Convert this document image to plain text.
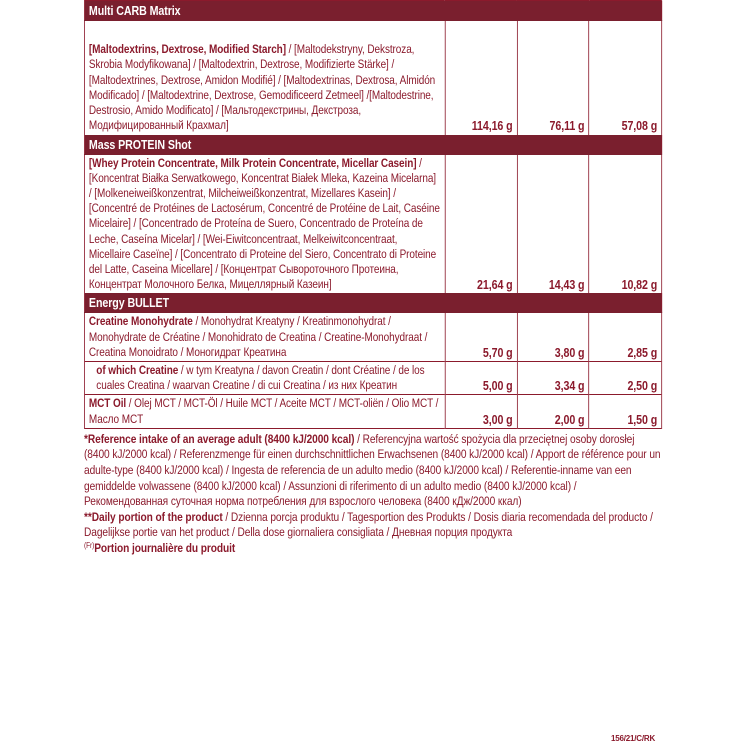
Multi CARB Matrix			
[Maltodextrins, Dextrose, Modified Starch] / [Maltodekstryny, Dekstroza, Skrobia Modyfikowana] / [Maltodextrin, Dextrose, Modifizierte Stärke] / [Maltodextrines, Dextrose, Amidon Modifié] / [Maltodextrinas, Dextrosa, Almidón Modificado] / [Maltodextrine, Dextrose, Gemodificeerd Zetmeel] /[Maltodestrine, Destrosio, Amido Modificato] / [Мальтодекстрины, Декстроза, Модифицированный Крахмал]	114,16 g	76,11 g	57,08 g
Mass PROTEIN Shot			
[Whey Protein Concentrate, Milk Protein Concentrate, Micellar Casein] / [Koncentrat Białka Serwatkowego, Koncentrat Białek Mleka, Kazeina Micelarna] / [Molkeneiweißkonzentrat, Milcheiweißkonzentrat, Mizellares Kasein] / [Concentré de Protéines de Lactosérum, Concentré de Protéine de Lait, Caséine Micelaire] / [Concentrado de Proteína de Suero, Concentrado de Proteína de Leche, Caseína Micelar] / [Wei-Eiwitconcentraat, Melkeiwitconcentraat, Micellaire Caseïne] / [Concentrato di Proteine del Siero, Concentrato di Proteine del Latte, Caseina Micellare] / [Концентрат Сывороточного Протеина, Концентрат Молочного Белка, Мицеллярный Казеин]	21,64 g	14,43 g	10,82 g
Energy BULLET			
Creatine Monohydrate / Monohydrat Kreatyny / Kreatinmonohydrat / Monohydrate de Créatine / Monohidrato de Creatina / Creatine-Monohydraat / Creatina Monoidrato / Моногидрат Креатина	5,70 g	3,80 g	2,85 g
of which Creatine / w tym Kreatyna / davon Creatin / dont Créatine / de los cuales Creatina / waarvan Creatine / di cui Creatina / из них Креатин	5,00 g	3,34 g	2,50 g
MCT Oil / Olej MCT / MCT-Öl / Huile MCT / Aceite MCT / MCT-oliën / Olio MCT / Масло MCT	3,00 g	2,00 g	1,50 g

*Reference intake of an average adult (8400 kJ/2000 kcal) / Referencyjna wartość spożycia dla przeciętnej osoby dorosłej (8400 kJ/2000 kcal) / Referenzmenge für einen durchschnittlichen Erwachsenen (8400 kJ/2000 kcal) / Apport de référence pour un adulte-type (8400 kJ/2000 kcal) / Ingesta de referencia de un adulto medio (8400 kJ/2000 kcal) / Referentie-inname van een gemiddelde volwassene (8400 kJ/2000 kcal) / Assunzioni di riferimento di un adulto medio (8400 kJ/2000 kcal) / Рекомендованная суточная норма потребления для взрослого человека (8400 кДж/2000 ккал)

**Daily portion of the product / Dzienna porcja produktu / Tagesportion des Produkts / Dosis diaria recomendada del producto / Dagelijkse portie van het product / Della dose giornaliera consigliata / Дневная порция продукта

$^{(Fr)}$Portion journalière du produit

156/21/C/RK
